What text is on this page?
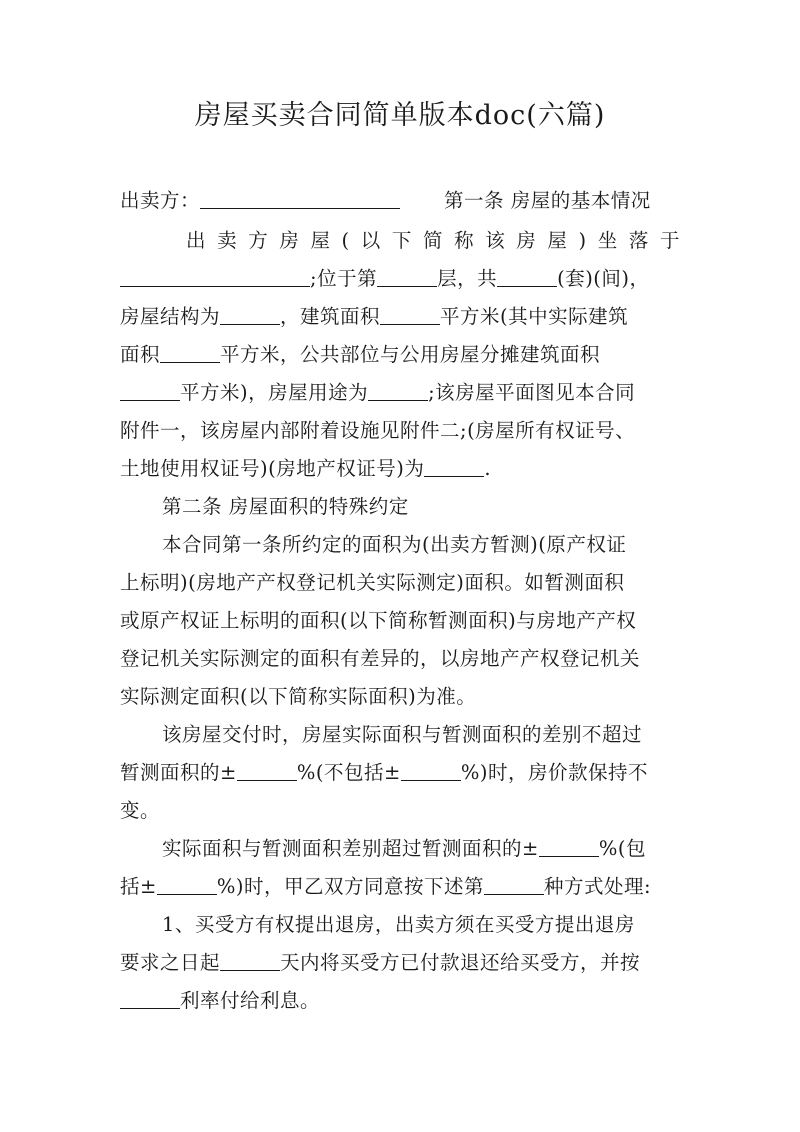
房屋买卖合同简单版本doc(六篇)
出卖方：	第一条 房屋的基本情况
出 卖 方 房 屋 ( 以 下 简 称 该 房 屋 ) 坐 落 于
;位于第	层，共	(套)(间)，
房屋结构为	，建筑面积	平方米(其中实际建筑
面积	平方米，公共部位与公用房屋分摊建筑面积
平方米)，房屋用途为	;该房屋平面图见本合同
附件一，该房屋内部附着设施见附件二;(房屋所有权证号、
土地使用权证号)(房地产权证号)为	.
第二条 房屋面积的特殊约定
本合同第一条所约定的面积为(出卖方暂测)(原产权证
上标明)(房地产产权登记机关实际测定)面积。如暂测面积
或原产权证上标明的面积(以下简称暂测面积)与房地产产权
登记机关实际测定的面积有差异的，以房地产产权登记机关
实际测定面积(以下简称实际面积)为准。
该房屋交付时，房屋实际面积与暂测面积的差别不超过
暂测面积的±	%(不包括±	%)时，房价款保持不
变。
实际面积与暂测面积差别超过暂测面积的±	%(包
括±	%)时，甲乙双方同意按下述第	种方式处理:
1、买受方有权提出退房，出卖方须在买受方提出退房
要求之日起	天内将买受方已付款退还给买受方，并按
利率付给利息。
